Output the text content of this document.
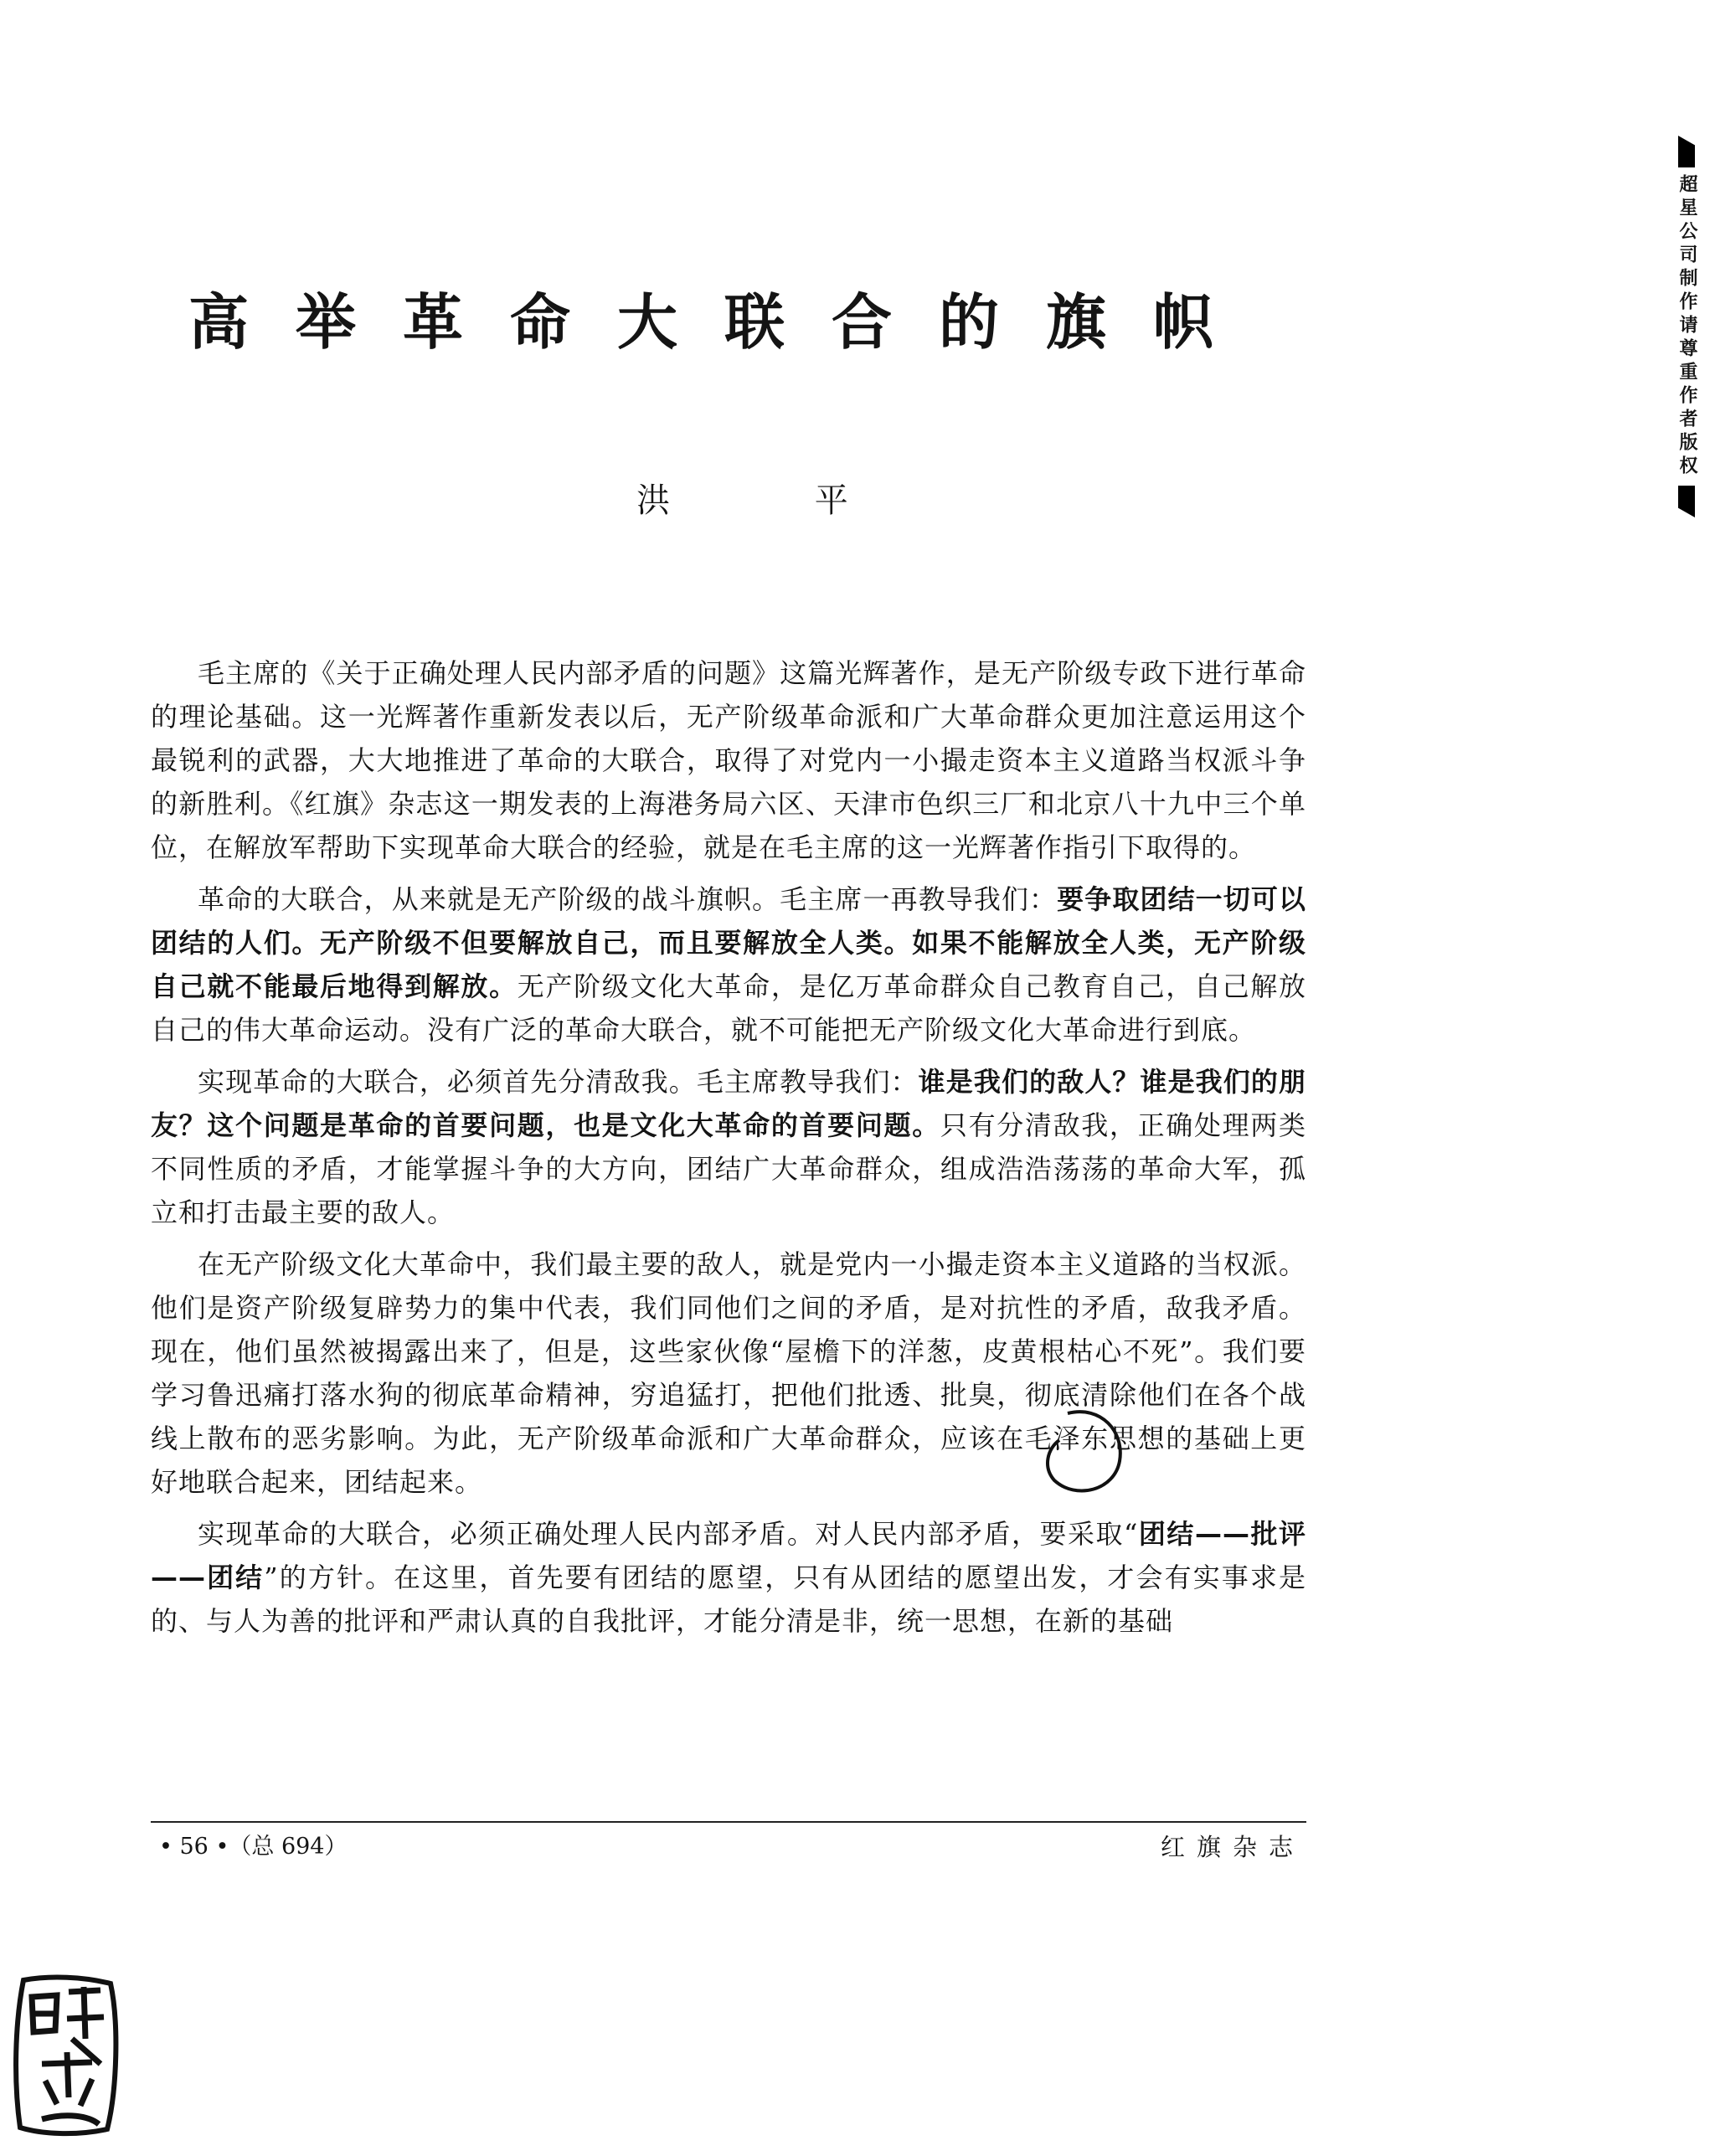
高举革命大联合的旗帜

洪 平

毛主席的《关于正确处理人民内部矛盾的问题》这篇光辉著作，是无产阶级专政下进行革命的理论基础。这一光辉著作重新发表以后，无产阶级革命派和广大革命群众更加注意运用这个最锐利的武器，大大地推进了革命的大联合，取得了对党内一小撮走资本主义道路当权派斗争的新胜利。《红旗》杂志这一期发表的上海港务局六区、天津市色织三厂和北京八十九中三个单位，在解放军帮助下实现革命大联合的经验，就是在毛主席的这一光辉著作指引下取得的。

革命的大联合，从来就是无产阶级的战斗旗帜。毛主席一再教导我们：要争取团结一切可以团结的人们。无产阶级不但要解放自己，而且要解放全人类。如果不能解放全人类，无产阶级自己就不能最后地得到解放。无产阶级文化大革命，是亿万革命群众自己教育自己，自己解放自己的伟大革命运动。没有广泛的革命大联合，就不可能把无产阶级文化大革命进行到底。

实现革命的大联合，必须首先分清敌我。毛主席教导我们：谁是我们的敌人？谁是我们的朋友？这个问题是革命的首要问题，也是文化大革命的首要问题。只有分清敌我，正确处理两类不同性质的矛盾，才能掌握斗争的大方向，团结广大革命群众，组成浩浩荡荡的革命大军，孤立和打击最主要的敌人。

在无产阶级文化大革命中，我们最主要的敌人，就是党内一小撮走资本主义道路的当权派。他们是资产阶级复辟势力的集中代表，我们同他们之间的矛盾，是对抗性的矛盾，敌我矛盾。现在，他们虽然被揭露出来了，但是，这些家伙像“屋檐下的洋葱，皮黄根枯心不死”。我们要学习鲁迅痛打落水狗的彻底革命精神，穷追猛打，把他们批透、批臭，彻底清除他们在各个战线上散布的恶劣影响。为此，无产阶级革命派和广大革命群众，应该在毛泽东思想的基础上更好地联合起来，团结起来。

实现革命的大联合，必须正确处理人民内部矛盾。对人民内部矛盾，要采取“团结——批评——团结”的方针。在这里，首先要有团结的愿望，只有从团结的愿望出发，才会有实事求是的、与人为善的批评和严肃认真的自我批评，才能分清是非，统一思想，在新的基础

• 56 •（总 694）	红旗杂志
超星公司制作请尊重作者版权
